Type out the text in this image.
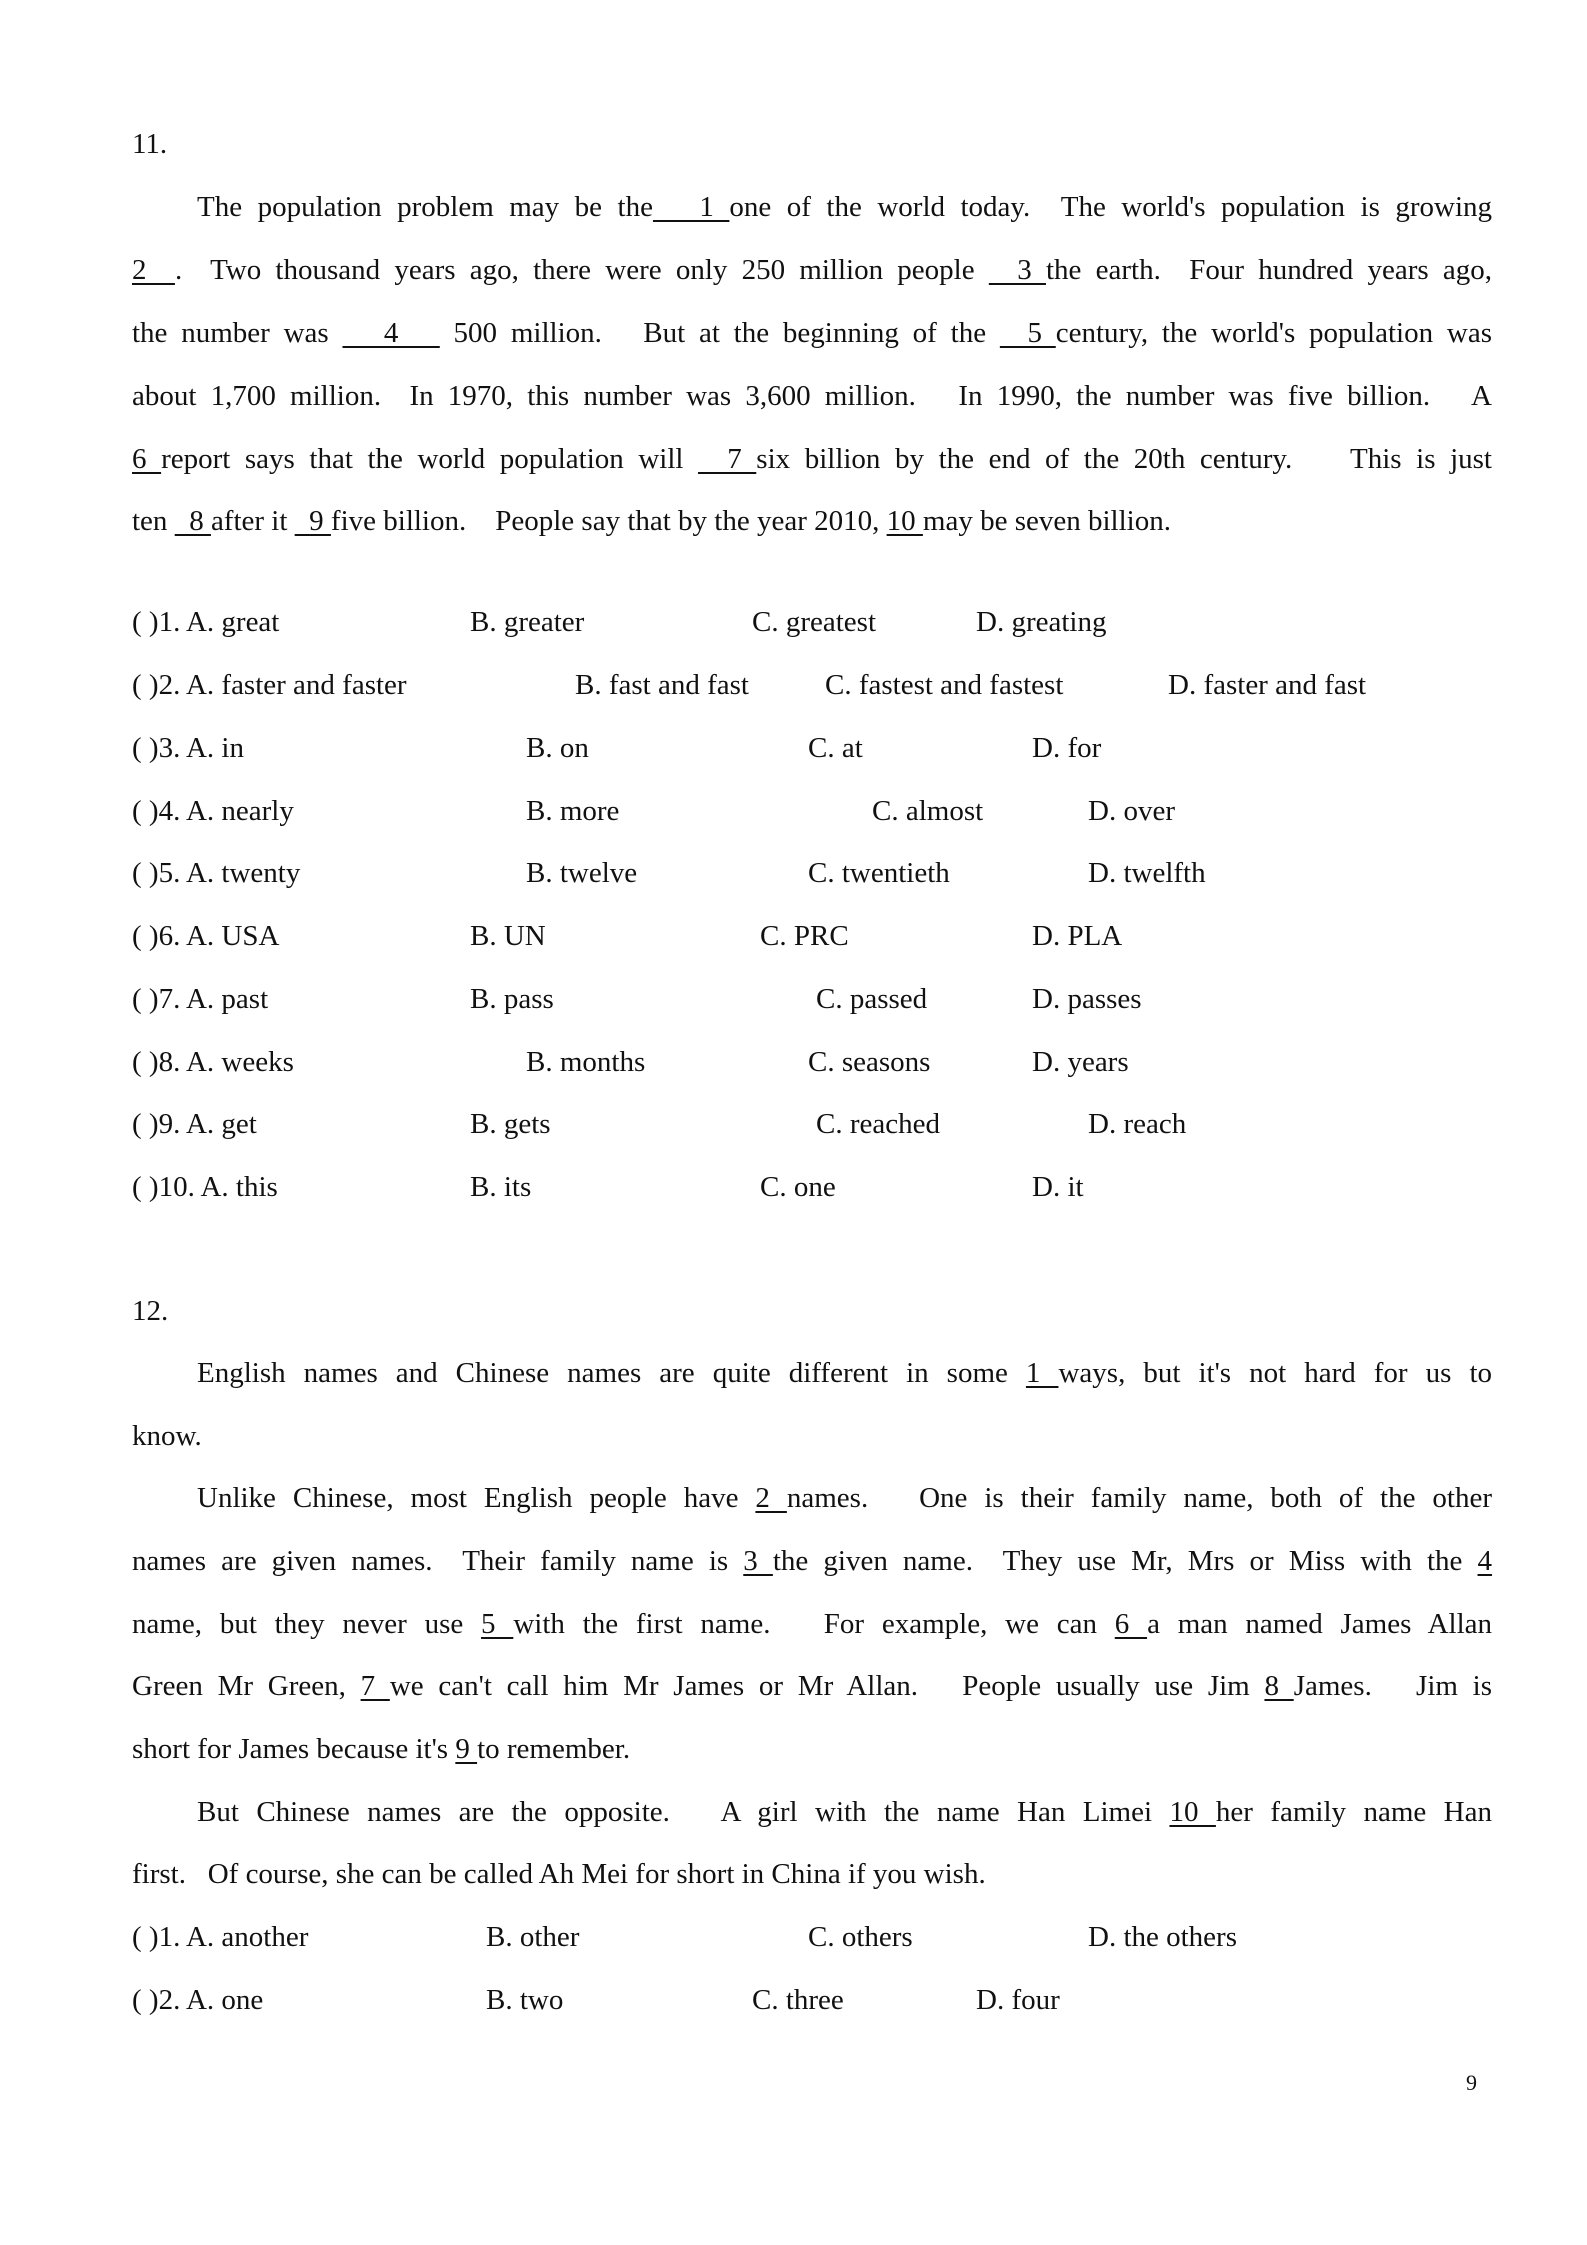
11.
The population problem may be the   1 one of the world today.  The world's population is growing
2  .  Two thousand years ago, there were only 250 million people   3 the earth.  Four hundred years ago,
the number was    4    500 million.   But at the beginning of the   5 century, the world's population was
about 1,700 million.  In 1970, this number was 3,600 million.   In 1990, the number was five billion.   A
6 report says that the world population will   7 six billion by the end of the 20th century.    This is just
ten   8 after it   9 five billion.    People say that by the year 2010, 10 may be seven billion.
( )1. A. great	B. greater	C. greatest	D. greating
( )2. A. faster and faster	B. fast and fast	C. fastest and fastest	D. faster and fast
( )3. A. in	B. on	C. at	D. for
( )4. A. nearly	B. more	C. almost	D. over
( )5. A. twenty	B. twelve	C. twentieth	D. twelfth
( )6. A. USA	B. UN	C. PRC	D. PLA
( )7. A. past	B. pass	C. passed	D. passes
( )8. A. weeks	B. months	C. seasons	D. years
( )9. A. get	B. gets	C. reached	D. reach
( )10. A. this	B. its	C. one	D. it
12.
English names and Chinese names are quite different in some 1 ways, but it's not hard for us to
know.
Unlike Chinese, most English people have 2 names.   One is their family name, both of the other
names are given names.  Their family name is 3 the given name.  They use Mr, Mrs or Miss with the 4
name, but they never use 5 with the first name.   For example, we can 6 a man named James Allan
Green Mr Green, 7 we can't call him Mr James or Mr Allan.   People usually use Jim 8 James.   Jim is
short for James because it's 9 to remember.
But Chinese names are the opposite.   A girl with the name Han Limei 10 her family name Han
first.   Of course, she can be called Ah Mei for short in China if you wish.
( )1. A. another	B. other	C. others	D. the others
( )2. A. one	B. two	C. three	D. four
9
